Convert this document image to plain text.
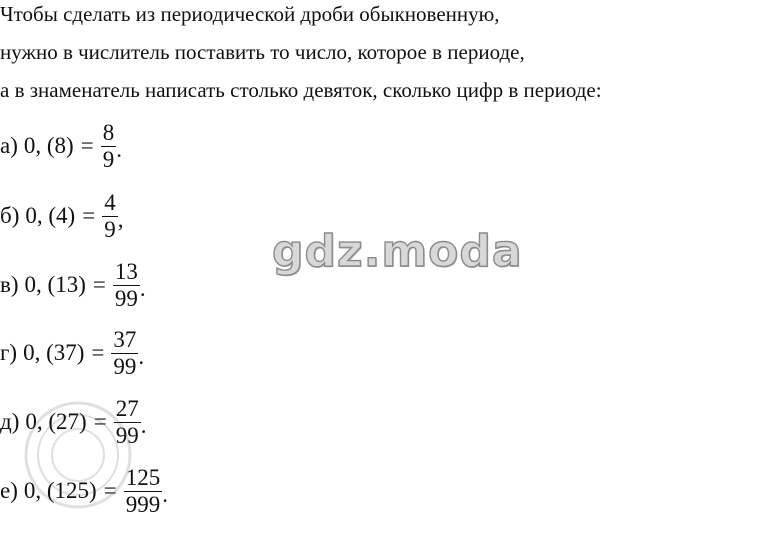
Чтобы сделать из периодической дроби обыкновенную,
нужно в числитель поставить то число, которое в периоде,
а в знаменатель написать столько девяток, сколько цифр в периоде:
а) 0, $(8) = \frac{8}{9}$ .
б) 0, $(4) = \frac{4}{9}$ ,
в) 0, $(13) = \frac{13}{99}$ .
г) 0, $(37) = \frac{37}{99}$ .
д) 0, $(27) = \frac{27}{99}$ .
е) 0, $(125) = \frac{125}{999}$ .
gdz.moda
